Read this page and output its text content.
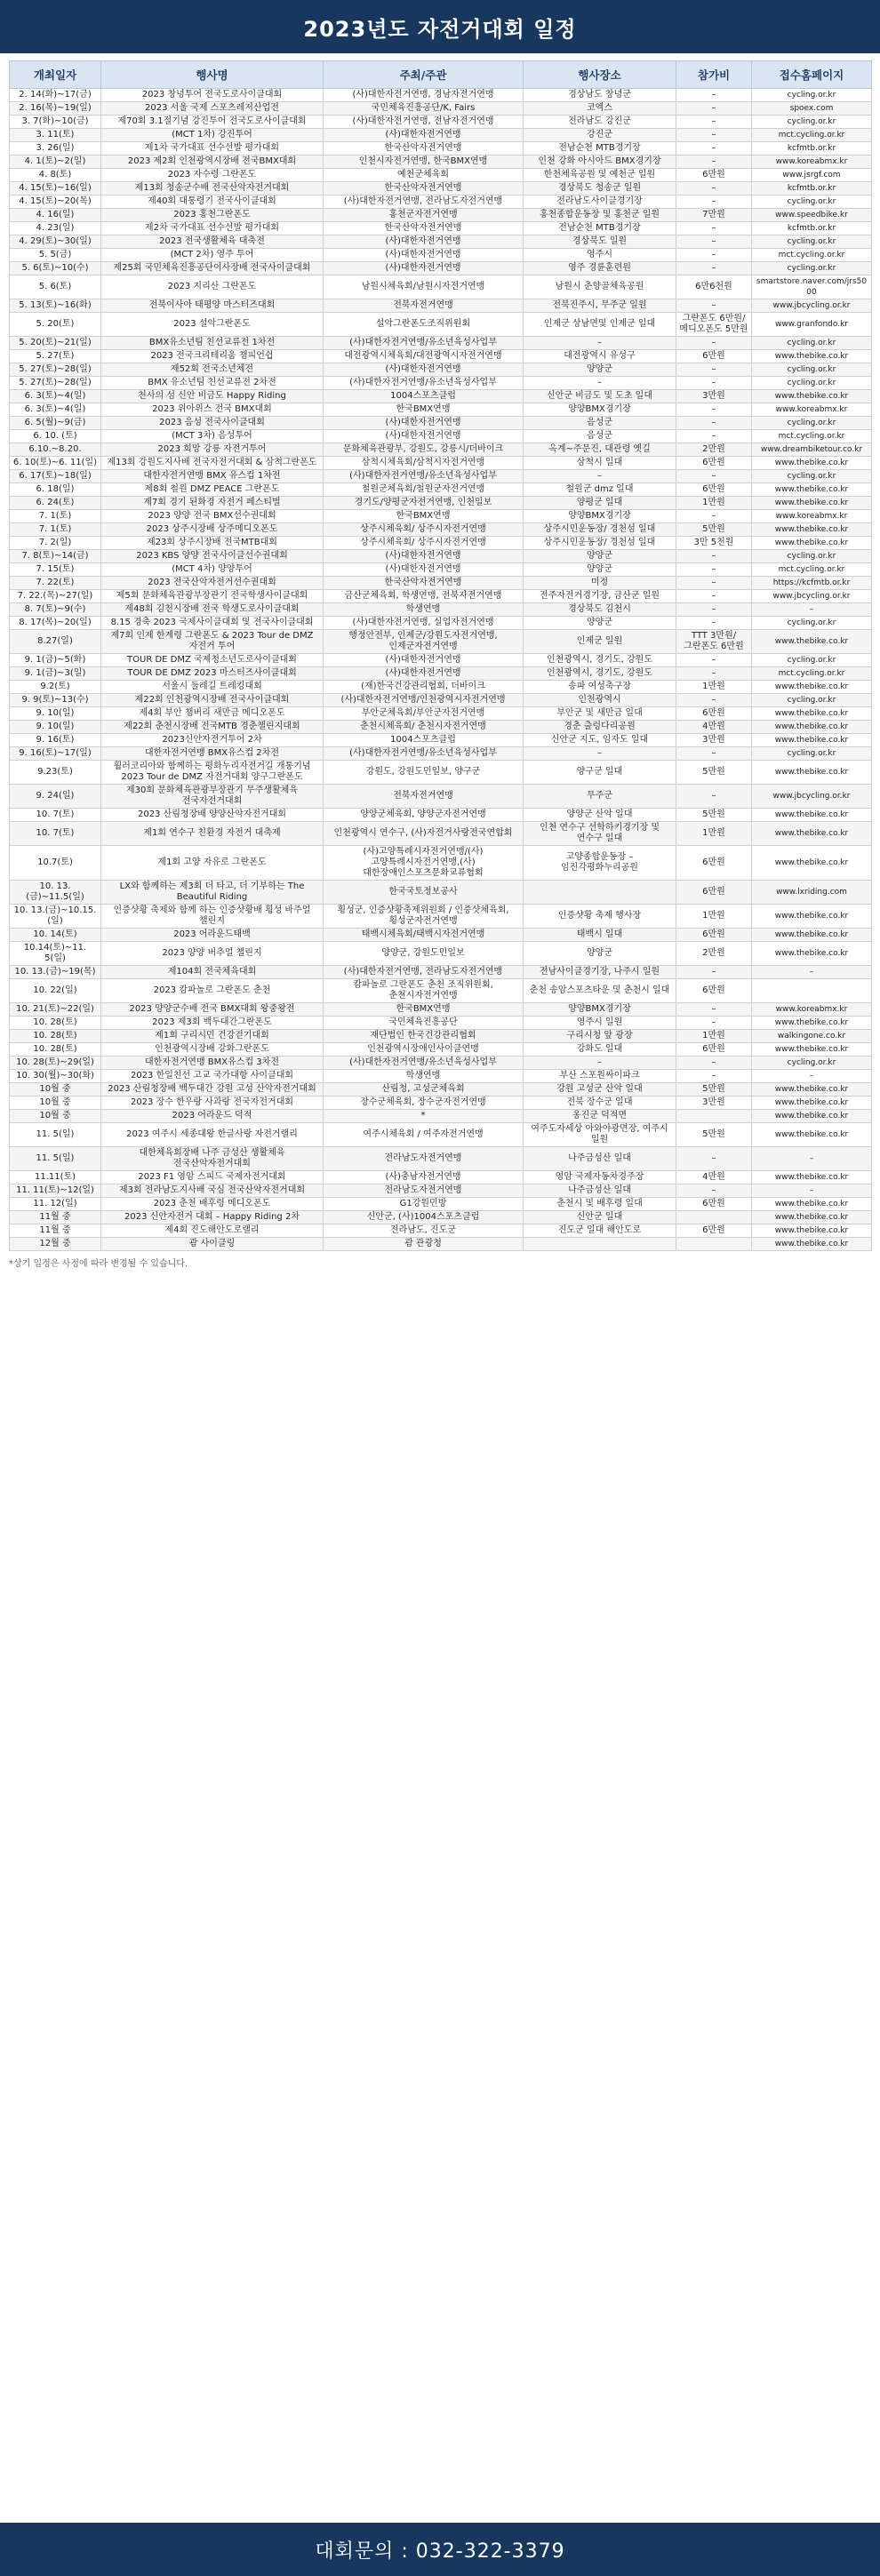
2023년도 자전거대회 일정
개최일자	행사명	주최/주관	행사장소	참가비	접수홈페이지
2. 14(화)~17(금)	2023 창녕투어 전국도로사이클대회	(사)대한자전거연맹, 경남자전거연맹	경상남도 창녕군	–	cycling.or.kr
2. 16(목)~19(일)	2023 서울 국제 스포츠레저산업전	국민체육진흥공단/K, Fairs	코엑스	–	spoex.com
3. 7(화)~10(금)	제70회 3.1절기념 강진투어 전국도로사이클대회	(사)대한자전거연맹, 전남자전거연맹	전라남도 강진군	–	cycling.or.kr
3. 11(토)	(MCT 1차) 강진투어	(사)대한자전거연맹	강진군	–	mct.cycling.or.kr
3. 26(일)	제1차 국가대표 선수선발 평가대회	한국산악자전거연맹	전남순천 MTB경기장	–	kcfmtb.or.kr
4. 1(토)~2(일)	2023 제2회 인천광역시장배 전국BMX대회	인천시자전거연맹, 한국BMX연맹	인천 강화 아시아드 BMX경기장	–	www.koreabmx.kr
4. 8(토)	2023 자수령 그란폰도	예천군체육회	한천체육공원 및 예천군 일원	6만원	www.jsrgf.com
4. 15(토)~16(일)	제13회 청송군수배 전국산악자전거대회	한국산악자전거연맹	경상북도 청송군 일원	–	kcfmtb.or.kr
4. 15(토)~20(목)	제40회 대통령기 전국사이클대회	(사)대한자전거연맹, 전라남도자전거연맹	전라남도사이클경기장	–	cycling.or.kr
4. 16(일)	2023 홍천그란폰도	홍천군자전거연맹	홍천종합운동장 및 홍천군 일원	7만원	www.speedbike.kr
4. 23(일)	제2차 국가대표 선수선발 평가대회	한국산악자전거연맹	전남순천 MTB경기장	–	kcfmtb.or.kr
4. 29(토)~30(일)	2023 전국생활체육 대축전	(사)대한자전거연맹	경상북도 일원	–	cycling.or.kr
5. 5(금)	(MCT 2차) 영주 투어	(사)대한자전거연맹	영주시	–	mct.cycling.or.kr
5. 6(토)~10(수)	제25회 국민체육진흥공단이사장배 전국사이클대회	(사)대한자전거연맹	영주 경륜훈련원	–	cycling.or.kr
5. 6(토)	2023 지리산 그란폰도	남원시체육회/남원시자전거연맹	남원시 춘향골체육공원	6만6천원	smartstore.naver.com/jrs5000
5. 13(토)~16(화)	전북이사아 태평양 마스터즈대회	전북자전거연맹	전북진주시, 무주군 일원	–	www.jbcycling.or.kr
5. 20(토)	2023 설악그란폰도	설악그란폰도조직위원회	인제군 상남면및 인제군 일대	그란폰도 6만원/메디오폰도 5만원	www.granfondo.kr
5. 20(토)~21(일)	BMX유소년팀 친선교류전 1차전	(사)대한자전거연맹/유소년육성사업부	–	–	cycling.or.kr
5. 27(토)	2023 전국크리테리움 챔피언쉽	대전광역시체육회/대전광역시자전거연맹	대전광역시 유성구	6만원	www.thebike.co.kr
5. 27(토)~28(일)	제52회 전국소년체전	(사)대한자전거연맹	양양군	–	cycling.or.kr
5. 27(토)~28(일)	BMX 유소년팀 친선교류전 2차전	(사)대한자전거연맹/유소년육성사업부	–	–	cycling.or.kr
6. 3(토)~4(일)	천사의 섬 신안 비금도 Happy Riding	1004스포츠클럽	신안군 비금도 및 도초 일대	3만원	www.thebike.co.kr
6. 3(토)~4(일)	2023 위아위스 전국 BMX대회	한국BMX연맹	양양BMX경기장	–	www.koreabmx.kr
6. 5(월)~9(금)	2023 음성 전국사이클대회	(사)대한자전거연맹	음성군	–	cycling.or.kr
6. 10. (토)	(MCT 3차) 음성투어	(사)대한자전거연맹	음성군	–	mct.cycling.or.kr
6.10.~8.20.	2023 희망 강릉 자전거투어	문화체육관광부, 강원도, 강릉시/더바이크	옥계~주문진, 대관령 옛길	2만원	www.dreambiketour.co.kr
6. 10(토)~6. 11(일)	제13회 강원도지사배 전국자전거대회 & 삼척그란폰도	삼척시체육회/삼척시자전거연맹	삼척시 일대	6만원	www.thebike.co.kr
6. 17(토)~18(일)	대한자전거연맹 BMX 유스컵 1차전	(사)대한자전거연맹/유소년육성사업부	–	–	cycling.or.kr
6. 18(일)	제8회 철원 DMZ PEACE 그란폰도	철원군체육회/철원군자전거연맹	철원군 dmz 일대	6만원	www.thebike.co.kr
6. 24(토)	제7회 경기 된화경 자전거 페스티벌	경기도/양평군자전거연맹, 인천일보	양평군 일대	1만원	www.thebike.co.kr
7. 1(토)	2023 양양 전국 BMX선수권대회	한국BMX연맹	양양BMX경기장	–	www.koreabmx.kr
7. 1(토)	2023 상주시장배 상주메디오폰도	상주시체육회/ 상주시자전거연맹	상주시민운동장/ 경천섬 일대	5만원	www.thebike.co.kr
7. 2(일)	제23회 상주시장배 전국MTB대회	상주시체육회/ 상주시자전거연맹	상주시민운동장/ 경천섬 일대	3만 5천원	www.thebike.co.kr
7. 8(토)~14(금)	2023 KBS 양양 전국사이클선수권대회	(사)대한자전거연맹	양양군	–	cycling.or.kr
7. 15(토)	(MCT 4차) 양양투어	(사)대한자전거연맹	양양군	–	mct.cycling.or.kr
7. 22(토)	2023 전국산악자전거선수권대회	한국산악자전거연맹	미정	–	https://kcfmtb.or.kr
7. 22.(목)~27(일)	제5회 문화체육관광부장관기 전국학생사이클대회	금산군체육회, 학생연맹, 전북자전거연맹	전주자전거경기장, 금산군 일원	–	www.jbcycling.or.kr
8. 7(토)~9(수)	제48회 김천시장배 전국 학생도로사이클대회	학생연맹	경상북도 김천시	–	–
8. 17(목)~20(일)	8.15 경축 2023 국제사이클대회 및 전국사이클대회	(사)대한자전거연맹, 실업자전거연맹	양양군	–	cycling.or.kr
8.27(일)	제7회 인제 한계령 그란폰도 & 2023 Tour de DMZ 자전거 투어	행정안전부, 인제군/강원도자전거연맹, 인제군자전거연맹	인제군 일원	TTT 3만원/그란폰도 6만원	www.thebike.co.kr
9. 1(금)~5(화)	TOUR DE DMZ 국제청소년도로사이클대회	(사)대한자전거연맹	인천광역시, 경기도, 강원도	–	cycling.or.kr
9. 1(금)~3(일)	TOUR DE DMZ 2023 마스터즈사이클대회	(사)대한자전거연맹	인천광역시, 경기도, 강원도	–	mct.cycling.or.kr
9.2(토)	서울시 둘레길 트레킹대회	(재)한국건강관리협회, 더바이크	송파 여성축구장	1만원	www.thebike.co.kr
9. 9(토)~13(수)	제22회 인천광역시장배 전국사이클대회	(사)대한자전거연맹/인천광역시자전거연맹	인천광역시	–	cycling.or.kr
9. 10(일)	제4회 부안 챔버리 새만금 메디오폰도	부안군체육회/부안군자전거연맹	부안군 및 새만금 일대	6만원	www.thebike.co.kr
9. 10(일)	제22회 춘천시장배 전국MTB 경춘챌린지대회	춘천시체육회/ 춘천시자전거연맹	경춘 출렁다리공원	4만원	www.thebike.co.kr
9. 16(토)	2023신안자전거투어 2차	1004스포츠클럽	신안군 지도, 임자도 일대	3만원	www.thebike.co.kr
9. 16(토)~17(일)	대한자전거연맹 BMX유스컵 2차전	(사)대한자전거연맹/유소년육성사업부	–	–	cycling.or.kr
9.23(토)	휠러코리아와 함께하는 평화누리자전거길 개통기념 2023 Tour de DMZ 자전거대회 양구그란폰도	강원도, 강원도민일보, 양구군	양구군 일대	5만원	www.thebike.co.kr
9. 24(일)	제30회 문화체육관광부장관기 무주생활체육 전국자전거대회	전북자전거연맹	무주군	–	www.jbcycling.or.kr
10. 7(토)	2023 산림청장배 양양산악자전거대회	양양군체육회, 양양군자전거연맹	양양군 산악 일대	5만원	www.thebike.co.kr
10. 7(토)	제1회 연수구 친환경 자전거 대축제	인천광역시 연수구, (사)자전거사랑전국연합회	인천 연수구 선학하키경기장 및 연수구 일대	1만원	www.thebike.co.kr
10.7(토)	제1회 고양 자유로 그란폰도	(사)고양특례시자전거연맹/(사)고양특례시자전거연맹,(사)대한장애인스포츠문화교류협회	고양종합운동장 – 임진각평화누리공원	6만원	www.thebike.co.kr
10. 13.(금)~11.5(일)	LX와 함께하는 제3회 더 타고, 더 기부하는 The Beautiful Riding	한국국토정보공사		6만원	www.lxriding.com
10. 13.(금)~10.15.(일)	인증샷황 축제와 함께 하는 인증샷황배 횡성 바주얼 챌린지	횡성군, 인증샷황축제위원회 / 인증샷체육회, 횡성군자전거연맹	인증샷황 축제 행사장	1만원	www.thebike.co.kr
10. 14(토)	2023 어라운드태백	태백시체육회/태백시자전거연맹	태백시 일대	6만원	www.thebike.co.kr
10.14(토)~11. 5(일)	2023 양양 버추얼 챌린지	양양군, 강원도민일보	양양군	2만원	www.thebike.co.kr
10. 13.(금)~19(목)	제104회 전국체육대회	(사)대한자전거연맹, 전라남도자전거연맹	전남사이클경기장, 나주시 일원	–	–
10. 22(일)	2023 캄파놀로 그란폰도 춘천	캄파놀로 그란폰도 춘천 조직위원회, 춘천시자전거연맹	춘천 송암스포츠타운 및 춘천시 일대	6만원	
10. 21(토)~22(일)	2023 양양군수배 전국 BMX대회 왕중왕전	한국BMX연맹	양양BMX경기장	–	www.koreabmx.kr
10. 28(토)	2023 제3회 백두대간그란폰도	국민체육진흥공단	영주시 일원	–	www.thebike.co.kr
10. 28(토)	제1회 구리시민 건강걷기대회	재단법인 한국건강관리협회	구리시청 앞 광장	1만원	walkingone.co.kr
10. 28(토)	인천광역시장배 강화그란폰도	인천광역시장애인사이클연맹	강화도 일대	6만원	www.thebike.co.kr
10. 28(토)~29(일)	대한자전거연맹 BMX유스컵 3차전	(사)대한자전거연맹/유소년육성사업부	–	–	cycling.or.kr
10. 30(월)~30(화)	2023 한일친선 고교 국가대항 사이클대회	학생연맹	부산 스포원싸이파크	–	–
10월 중	2023 산림청장배 백두대간 강원 고성 산악자전거대회	산림청, 고성군체육회	강원 고성군 산악 일대	5만원	www.thebike.co.kr
10월 중	2023 장수 한우랑 사과랑 전국자전거대회	장수군체육회, 장수군자전거연맹	전북 장수군 일대	3만원	www.thebike.co.kr
10월 중	2023 어라운드 덕적	*	옹진군 덕적면		www.thebike.co.kr
11. 5(일)	2023 여주시 세종대왕 한글사랑 자전거랠리	여주시체육회 / 여주자전거연맹	여주도자세상 아와야광면장, 여주시 일원	5만원	www.thebike.co.kr
11. 5(일)	대한체육회장배 나주 금성산 생활체육 전국산악자전거대회	전라남도자전거연맹	나주금성산 일대	–	–
11.11(토)	2023 F1 영암 스피드 국제자전거대회	(사)충남자전거연맹	영암 국제자동차경주장	4만원	www.thebike.co.kr
11. 11(토)~12(일)	제3회 전라남도지사배 국심 전국산악자전거대회	전라남도자전거연맹	나주금성산 일대	–	–
11. 12(일)	2023 춘천 배후령 메디오폰도	G1강원민방	춘천시 및 배후령 일대	6만원	www.thebike.co.kr
11월 중	2023 신안자전거 대회 – Happy Riding 2차	신안군, (사)1004스포츠클럽	신안군 일대		www.thebike.co.kr
11월 중	제4회 진도해안도로랠리	전라남도, 진도군	진도군 일대 해안도로	6만원	www.thebike.co.kr
12월 중	괌 사이클링	괌 관광청			www.thebike.co.kr
*상기 일정은 사정에 따라 변경될 수 있습니다.
대회문의 : 032-322-3379
